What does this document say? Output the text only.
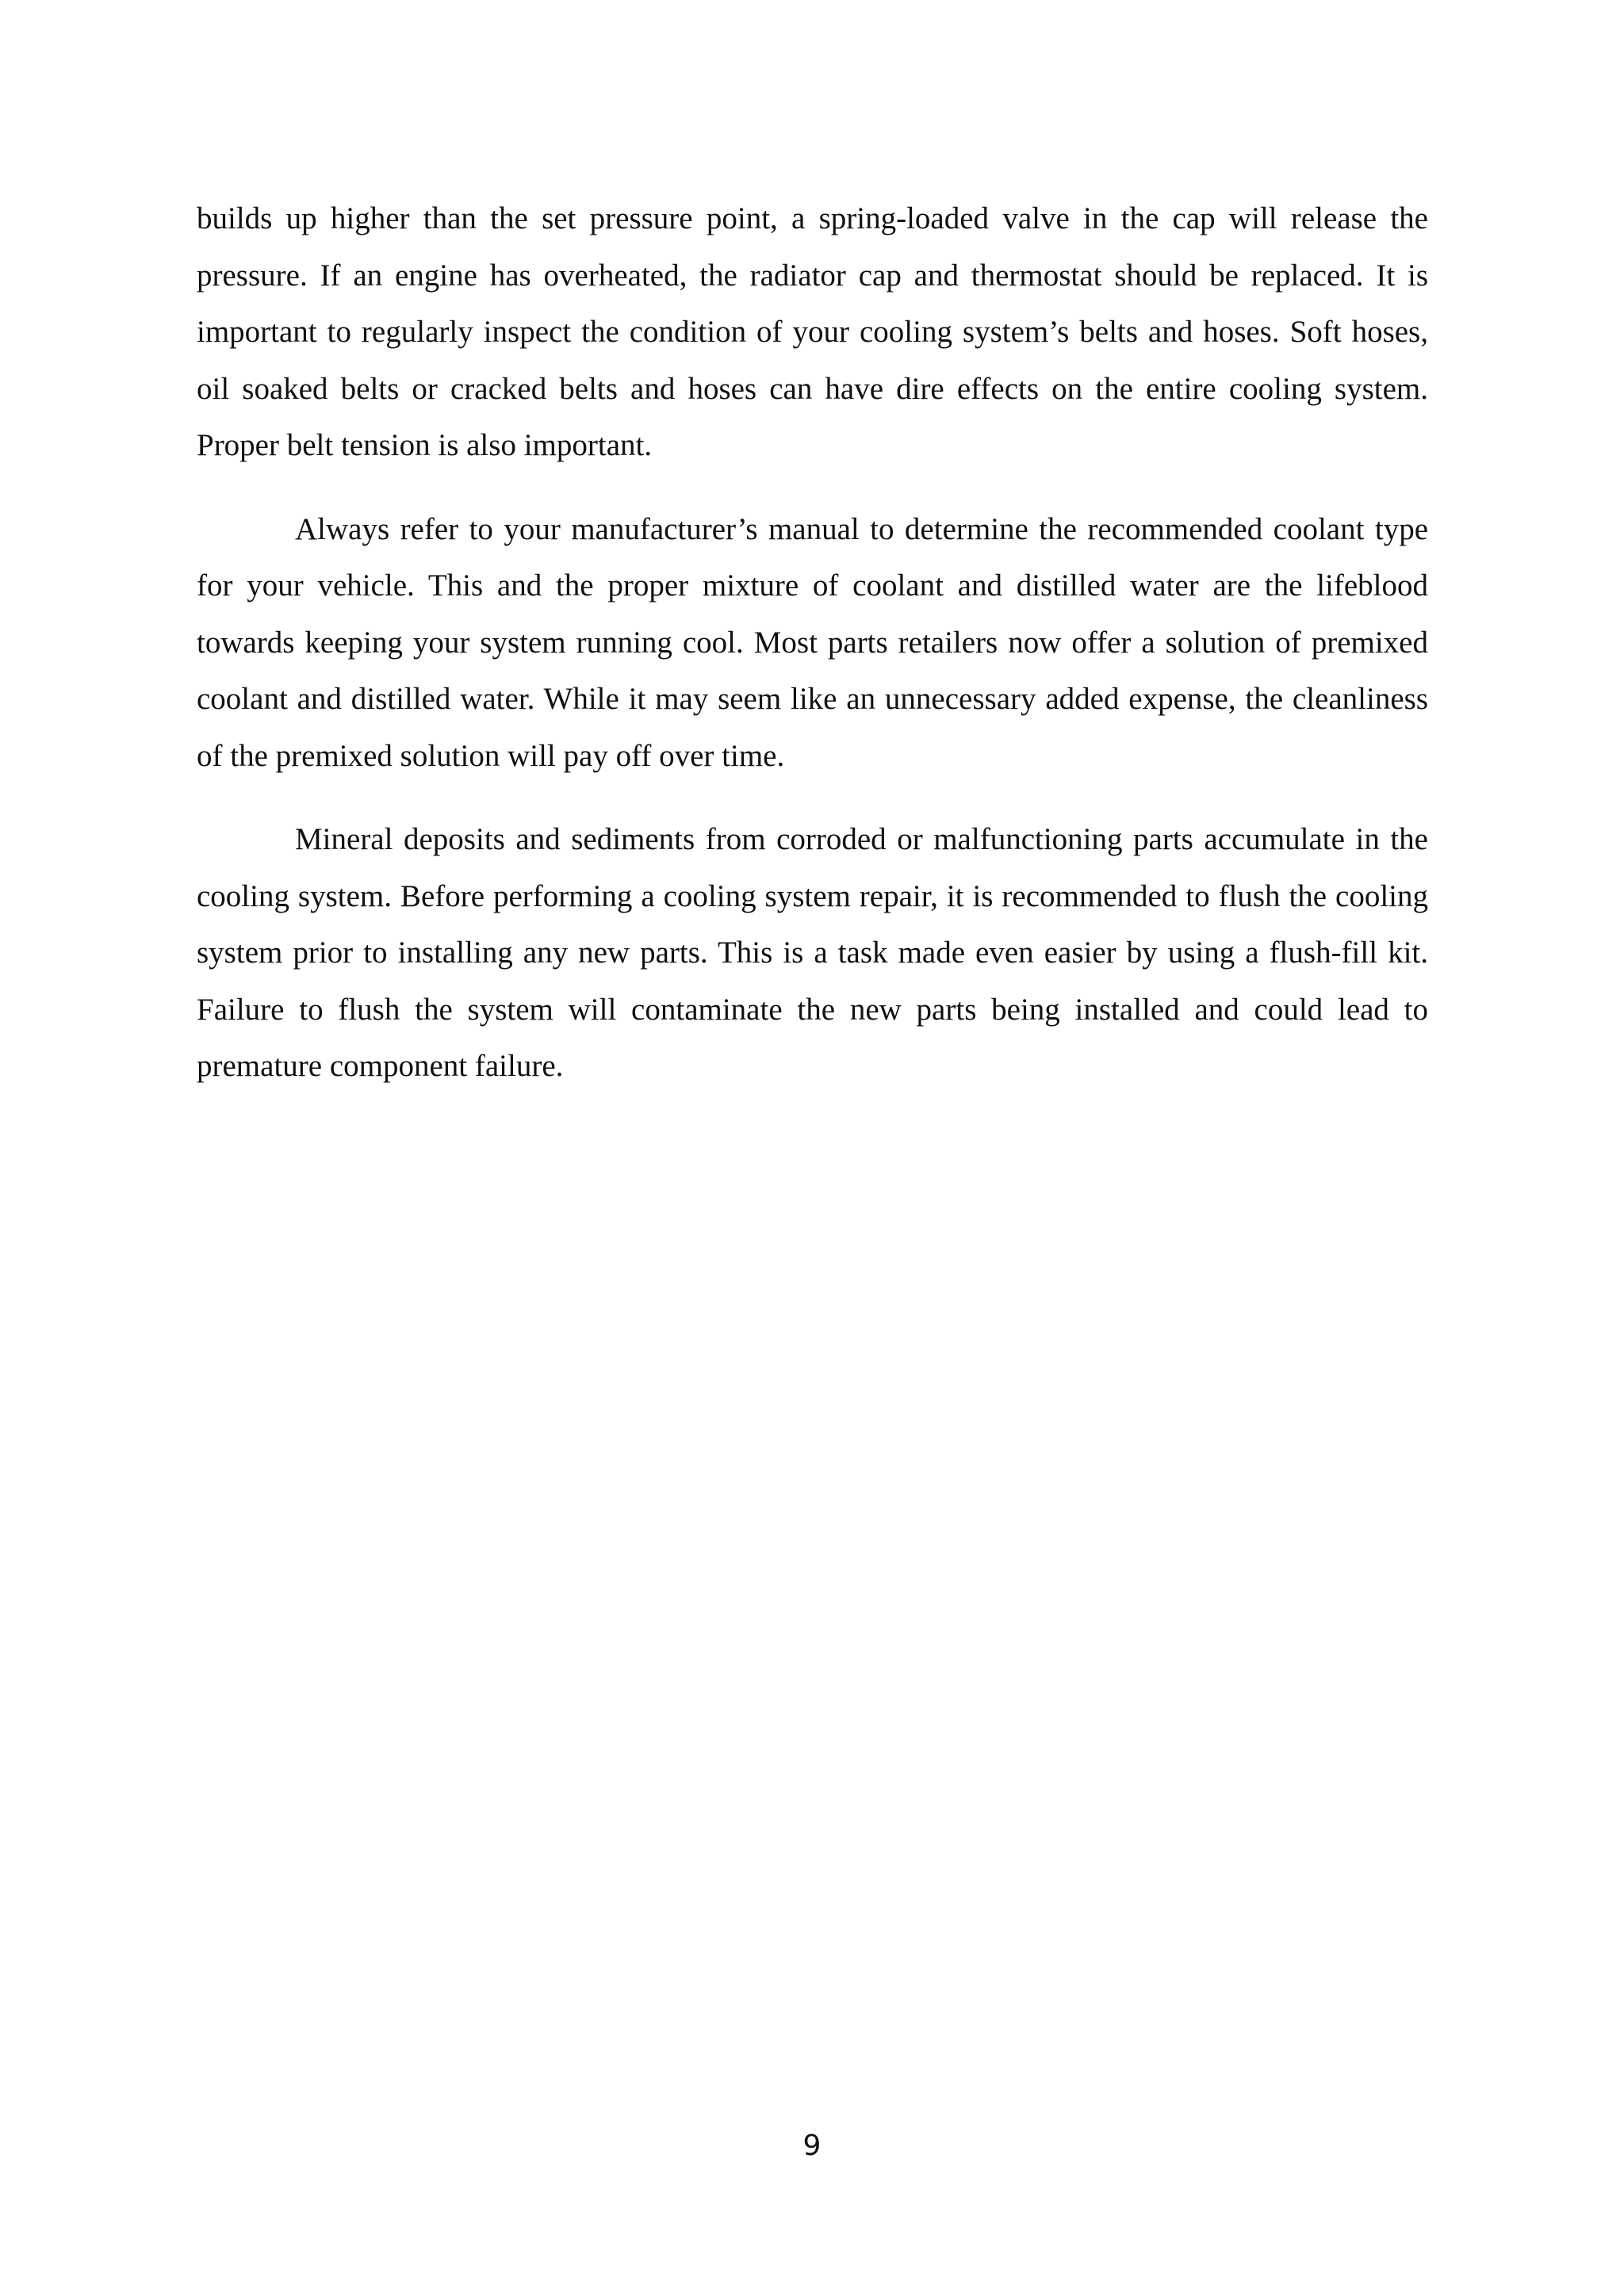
builds up higher than the set pressure point, a spring-loaded valve in the cap will release the pressure. If an engine has overheated, the radiator cap and thermostat should be replaced. It is important to regularly inspect the condition of your cooling system’s belts and hoses. Soft hoses, oil soaked belts or cracked belts and hoses can have dire effects on the entire cooling system. Proper belt tension is also important.

Always refer to your manufacturer’s manual to determine the recommended coolant type for your vehicle. This and the proper mixture of coolant and distilled water are the lifeblood towards keeping your system running cool. Most parts retailers now offer a solution of premixed coolant and distilled water. While it may seem like an unnecessary added expense, the cleanliness of the premixed solution will pay off over time.

Mineral deposits and sediments from corroded or malfunctioning parts accumulate in the cooling system. Before performing a cooling system repair, it is recommended to flush the cooling system prior to installing any new parts. This is a task made even easier by using a flush-fill kit. Failure to flush the system will contaminate the new parts being installed and could lead to premature component failure.

9
